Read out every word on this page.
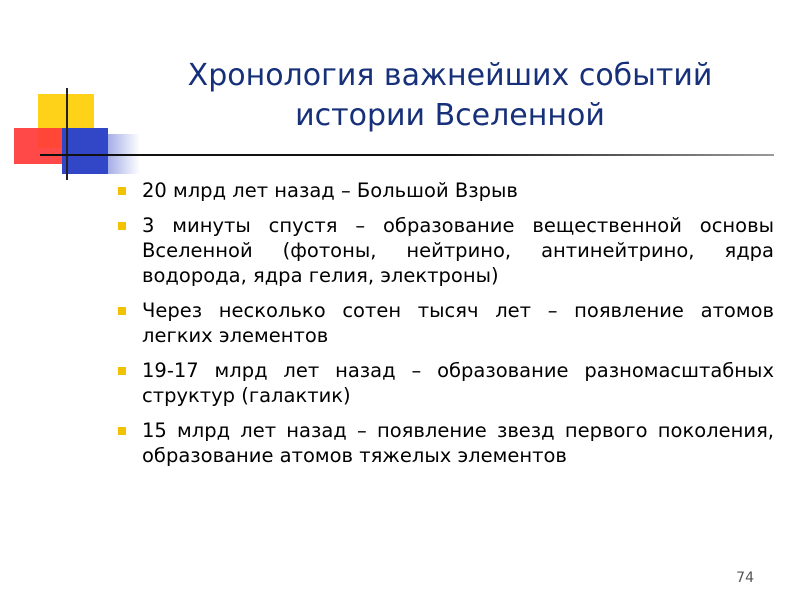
Хронология важнейших событий
истории Вселенной
20 млрд лет назад – Большой Взрыв
3 минуты спустя – образование вещественной основы Вселенной (фотоны, нейтрино, антинейтрино, ядра водорода, ядра гелия, электроны)
Через несколько сотен тысяч лет – появление атомов легких элементов
19-17 млрд лет назад – образование разномасштабных структур (галактик)
15 млрд лет назад – появление звезд первого поколения, образование атомов тяжелых элементов
74
